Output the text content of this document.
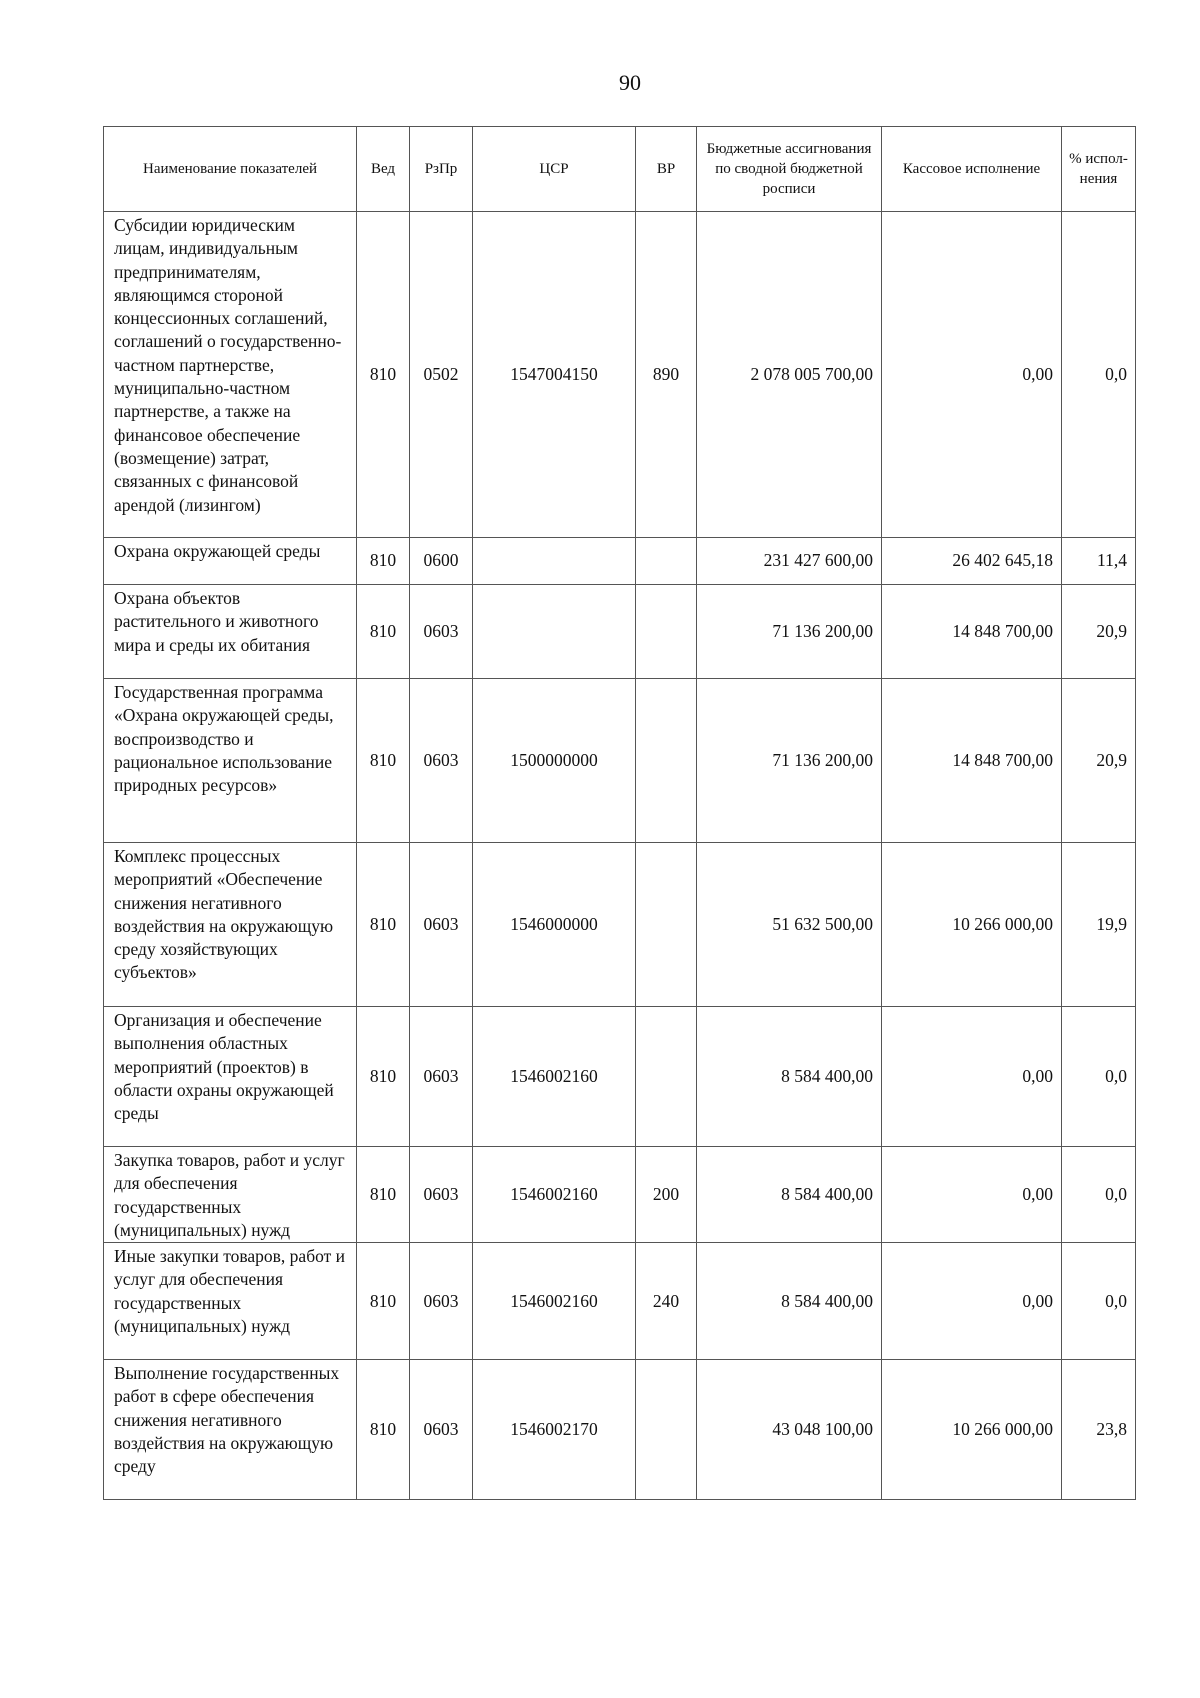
90
Наименование показателей	Вед	РзПр	ЦСР	ВР	Бюджетные ассигнования по сводной бюджетной росписи	Кассовое исполнение	% испол-нения
Субсидии юридическим лицам, индивидуальным предпринимателям, являющимся стороной концессионных соглашений, соглашений о государственно-частном партнерстве, муниципально-частном партнерстве, а также на финансовое обеспечение (возмещение) затрат, связанных с финансовой арендой (лизингом)	810	0502	1547004150	890	2 078 005 700,00	0,00	0,0
Охрана окружающей среды	810	0600			231 427 600,00	26 402 645,18	11,4
Охрана объектов растительного и животного мира и среды их обитания	810	0603			71 136 200,00	14 848 700,00	20,9
Государственная программа «Охрана окружающей среды, воспроизводство и рациональное использование природных ресурсов»	810	0603	1500000000		71 136 200,00	14 848 700,00	20,9
Комплекс процессных мероприятий «Обеспечение снижения негативного воздействия на окружающую среду хозяйствующих субъектов»	810	0603	1546000000		51 632 500,00	10 266 000,00	19,9
Организация и обеспечение выполнения областных мероприятий (проектов) в области охраны окружающей среды	810	0603	1546002160		8 584 400,00	0,00	0,0
Закупка товаров, работ и услуг для обеспечения государственных (муниципальных) нужд	810	0603	1546002160	200	8 584 400,00	0,00	0,0
Иные закупки товаров, работ и услуг для обеспечения государственных (муниципальных) нужд	810	0603	1546002160	240	8 584 400,00	0,00	0,0
Выполнение государственных работ в сфере обеспечения снижения негативного воздействия на окружающую среду	810	0603	1546002170		43 048 100,00	10 266 000,00	23,8
